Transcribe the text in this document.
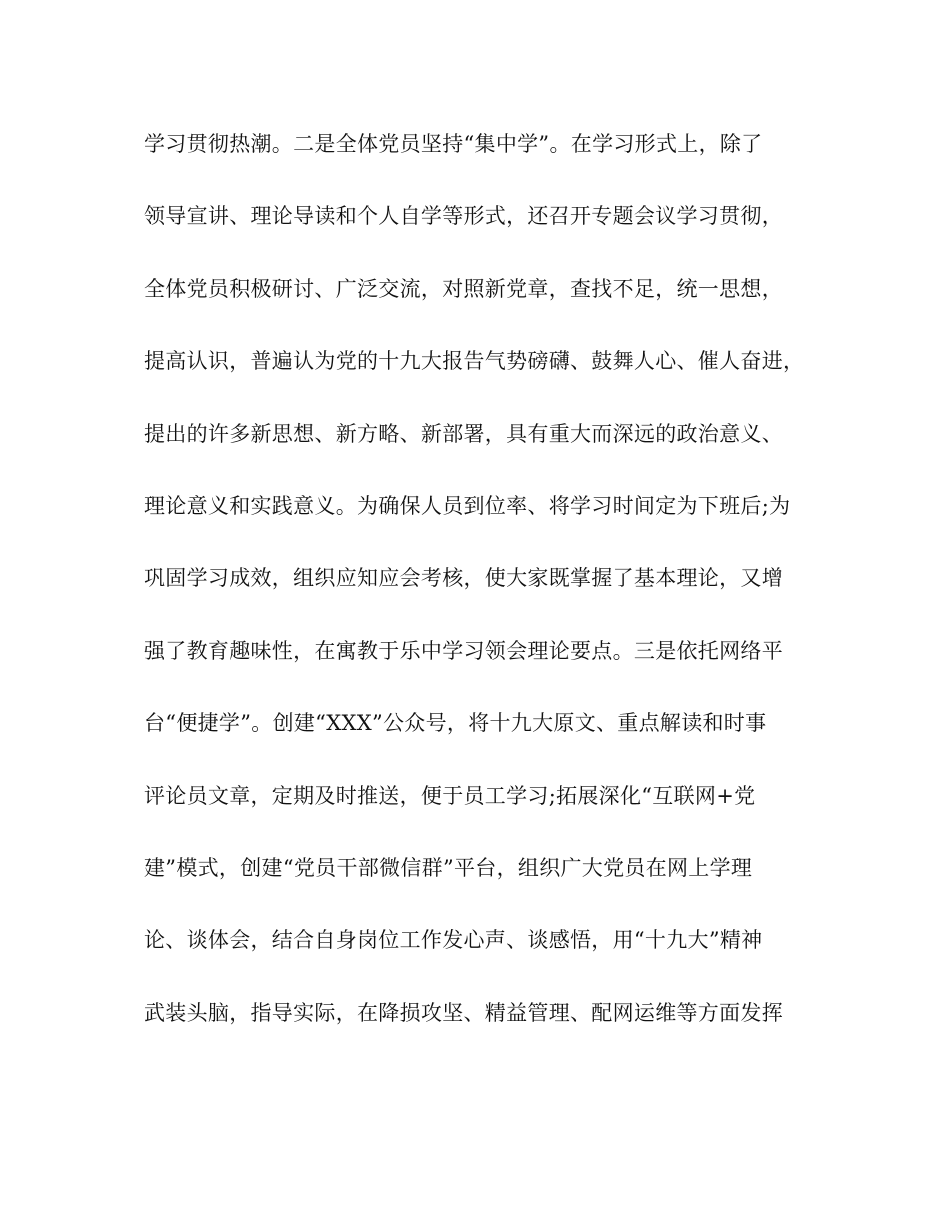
学习贯彻热潮。二是全体党员坚持“集中学”。在学习形式上，除了
领导宣讲、理论导读和个人自学等形式，还召开专题会议学习贯彻，
全体党员积极研讨、广泛交流，对照新党章，查找不足，统一思想，
提高认识，普遍认为党的十九大报告气势磅礴、鼓舞人心、催人奋进，
提出的许多新思想、新方略、新部署，具有重大而深远的政治意义、
理论意义和实践意义。为确保人员到位率、将学习时间定为下班后;为
巩固学习成效，组织应知应会考核，使大家既掌握了基本理论，又增
强了教育趣味性，在寓教于乐中学习领会理论要点。三是依托网络平
台“便捷学”。创建“XXX”公众号，将十九大原文、重点解读和时事
评论员文章，定期及时推送，便于员工学习;拓展深化“互联网+党
建”模式，创建“党员干部微信群”平台，组织广大党员在网上学理
论、谈体会，结合自身岗位工作发心声、谈感悟，用“十九大”精神
武装头脑，指导实际，在降损攻坚、精益管理、配网运维等方面发挥
